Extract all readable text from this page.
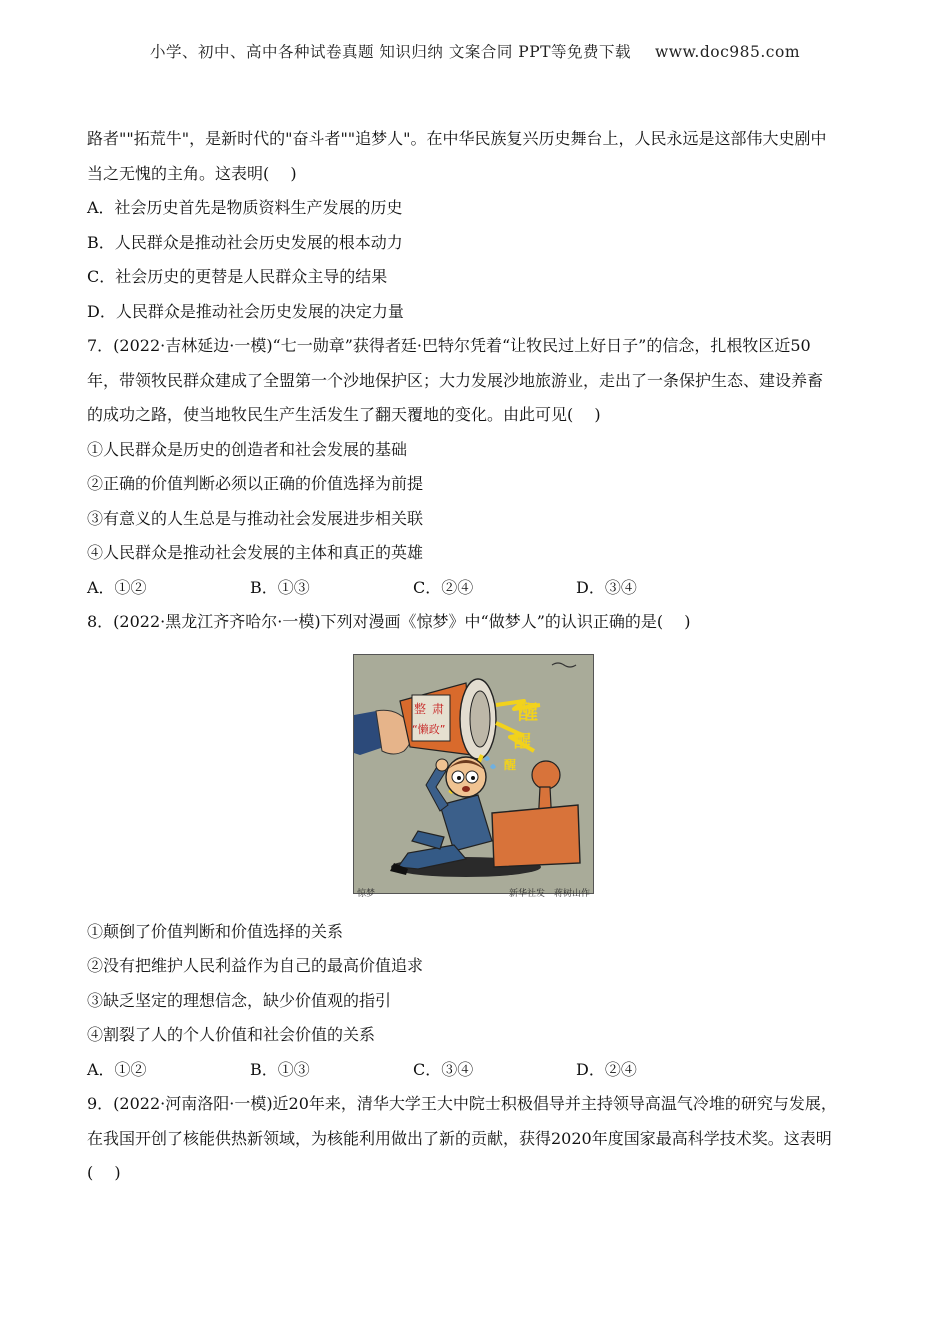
小学、初中、高中各种试卷真题 知识归纳 文案合同 PPT等免费下载 www.doc985.com
路者""拓荒牛"，是新时代的"奋斗者""追梦人"。在中华民族复兴历史舞台上，人民永远是这部伟大史剧中
当之无愧的主角。这表明(　 )
A．社会历史首先是物质资料生产发展的历史
B．人民群众是推动社会历史发展的根本动力
C．社会历史的更替是人民群众主导的结果
D．人民群众是推动社会历史发展的决定力量
7．(2022·吉林延边·一模)“七一勋章”获得者廷·巴特尔凭着“让牧民过上好日子”的信念，扎根牧区近50
年，带领牧民群众建成了全盟第一个沙地保护区；大力发展沙地旅游业，走出了一条保护生态、建设养畜
的成功之路，使当地牧民生产生活发生了翻天覆地的变化。由此可见(　 )
①人民群众是历史的创造者和社会发展的基础
②正确的价值判断必须以正确的价值选择为前提
③有意义的人生总是与推动社会发展进步相关联
④人民群众是推动社会发展的主体和真正的英雄
A．①②	B．①③	C．②④	D．③④
8．(2022·黑龙江齐齐哈尔·一模)下列对漫画《惊梦》中“做梦人”的认识正确的是(　 )
整 肃
“懒政”
醒
醒
醒
惊梦	新华社发　蒋树山作
①颠倒了价值判断和价值选择的关系
②没有把维护人民利益作为自己的最高价值追求
③缺乏坚定的理想信念，缺少价值观的指引
④割裂了人的个人价值和社会价值的关系
A．①②	B．①③	C．③④	D．②④
9．(2022·河南洛阳·一模)近20年来，清华大学王大中院士积极倡导并主持领导高温气冷堆的研究与发展，
在我国开创了核能供热新领域，为核能利用做出了新的贡献，获得2020年度国家最高科学技术奖。这表明
(　 )
